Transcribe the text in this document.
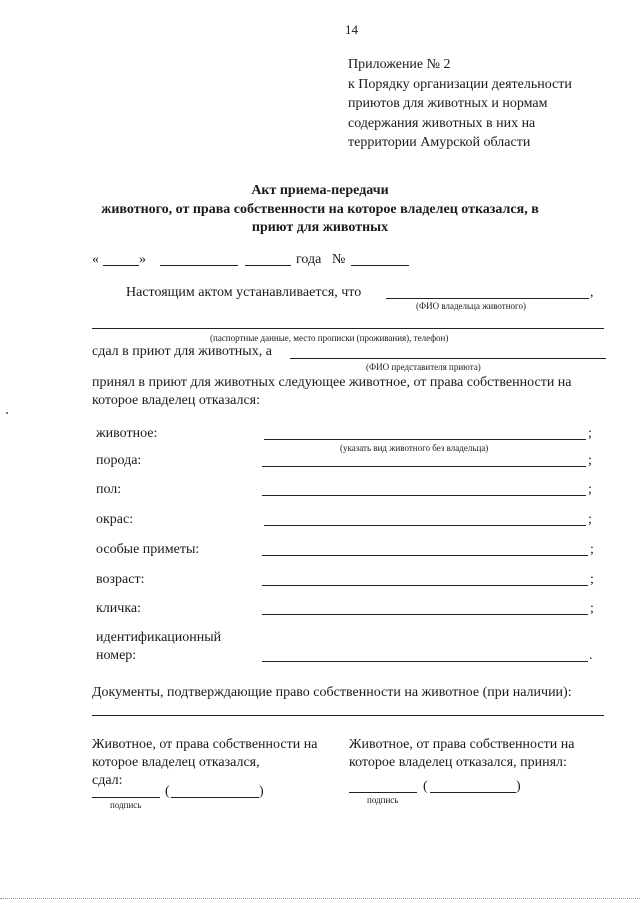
14
Приложение № 2
к Порядку организации деятельности
приютов для животных и нормам
содержания животных в них на
территории Амурской области
Акт приема-передачи
животного, от права собственности на которое владелец отказался, в
приют для животных
«	»	года №
Настоящим актом устанавливается, что	,
(ФИО владельца животного)
(паспортные данные, место прописки (проживания), телефон)
сдал в приют для животных, а
(ФИО представителя приюта)
принял в приют для животных следующее животное, от права собственности на
которое владелец отказался:
животное:	;
(указать вид животного без владельца)
порода:	;
пол:	;
окрас:	;
особые приметы:	;
возраст:	;
кличка:	;
идентификационный
номер:	.
Документы, подтверждающие право собственности на животное (при наличии):
Животное, от права собственности на
которое владелец отказался,
сдал:
(	)
подпись
Животное, от права собственности на
которое владелец отказался, принял:
(	)
подпись
